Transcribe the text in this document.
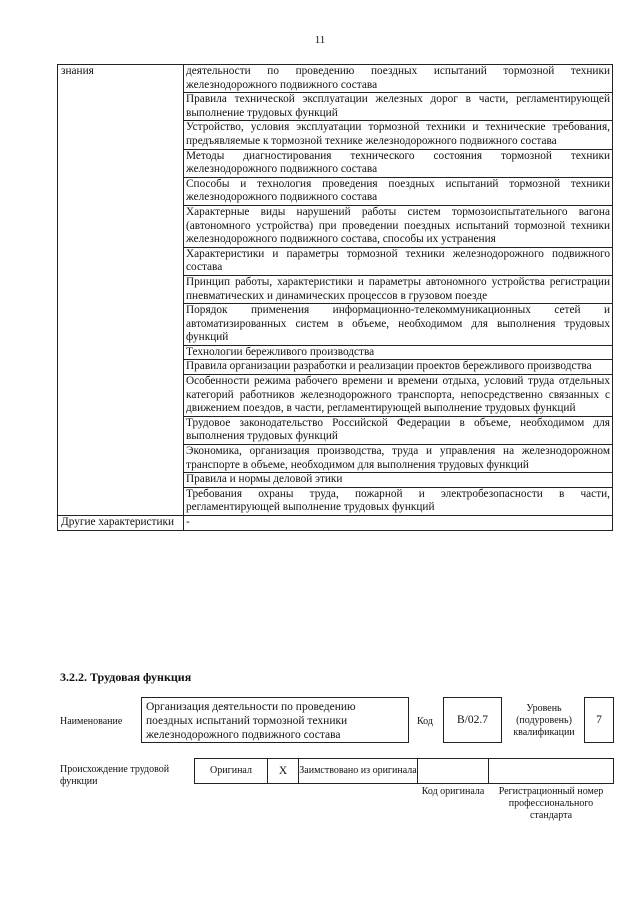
11
знания	деятельности по проведению поездных испытаний тормозной техники железнодорожного подвижного состава
	Правила технической эксплуатации железных дорог в части, регламентирующей выполнение трудовых функций
	Устройство, условия эксплуатации тормозной техники и технические требования, предъявляемые к тормозной технике железнодорожного подвижного состава
	Методы диагностирования технического состояния тормозной техники железнодорожного подвижного состава
	Способы и технология проведения поездных испытаний тормозной техники железнодорожного подвижного состава
	Характерные виды нарушений работы систем тормозоиспытательного вагона (автономного устройства) при проведении поездных испытаний тормозной техники железнодорожного подвижного состава, способы их устранения
	Характеристики и параметры тормозной техники железнодорожного подвижного состава
	Принцип работы, характеристики и параметры автономного устройства регистрации пневматических и динамических процессов в грузовом поезде
	Порядок применения информационно-телекоммуникационных сетей и автоматизированных систем в объеме, необходимом для выполнения трудовых функций
	Технологии бережливого производства
	Правила организации разработки и реализации проектов бережливого производства
	Особенности режима рабочего времени и времени отдыха, условий труда отдельных категорий работников железнодорожного транспорта, непосредственно связанных с движением поездов, в части, регламентирующей выполнение трудовых функций
	Трудовое законодательство Российской Федерации в объеме, необходимом для выполнения трудовых функций
	Экономика, организация производства, труда и управления на железнодорожном транспорте в объеме, необходимом для выполнения трудовых функций
	Правила и нормы деловой этики
	Требования охраны труда, пожарной и электробезопасности в части, регламентирующей выполнение трудовых функций
Другие характеристики	-
3.2.2. Трудовая функция
Наименование
Организация деятельности по проведению поездных испытаний тормозной техники железнодорожного подвижного состава
Код B/02.7
Уровень (подуровень) квалификации
7
Происхождение трудовой функции
Оригинал	X Заимствовано из оригинала
Код оригинала	Регистрационный номер профессионального стандарта
